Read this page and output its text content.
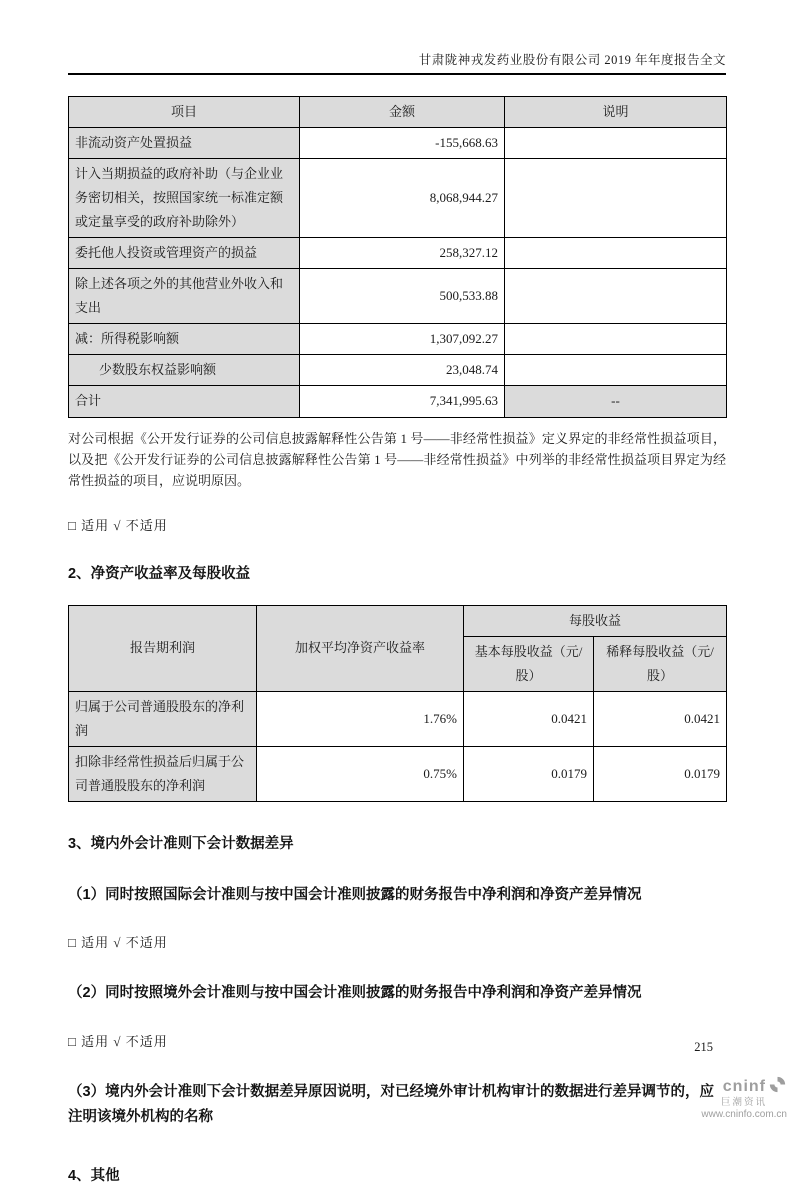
甘肃陇神戎发药业股份有限公司 2019 年年度报告全文
项目	金额	说明
非流动资产处置损益	-155,668.63	
计入当期损益的政府补助（与企业业务密切相关，按照国家统一标准定额或定量享受的政府补助除外）	8,068,944.27	
委托他人投资或管理资产的损益	258,327.12	
除上述各项之外的其他营业外收入和支出	500,533.88	
减：所得税影响额	1,307,092.27	
少数股东权益影响额	23,048.74	
合计	7,341,995.63	--

对公司根据《公开发行证券的公司信息披露解释性公告第 1 号——非经常性损益》定义界定的非经常性损益项目，以及把《公开发行证券的公司信息披露解释性公告第 1 号——非经常性损益》中列举的非经常性损益项目界定为经常性损益的项目，应说明原因。

□ 适用 √ 不适用

2、净资产收益率及每股收益
报告期利润	加权平均净资产收益率	每股收益	
		基本每股收益（元/股）	稀释每股收益（元/股）
归属于公司普通股股东的净利润	1.76%	0.0421	0.0421
扣除非经常性损益后归属于公司普通股股东的净利润	0.75%	0.0179	0.0179
3、境内外会计准则下会计数据差异
（1）同时按照国际会计准则与按中国会计准则披露的财务报告中净利润和净资产差异情况

□ 适用 √ 不适用

（2）同时按照境外会计准则与按中国会计准则披露的财务报告中净利润和净资产差异情况

□ 适用 √ 不适用

（3）境内外会计准则下会计数据差异原因说明，对已经境外审计机构审计的数据进行差异调节的，应注明该境外机构的名称
4、其他
215
cninf
巨潮资讯
www.cninfo.com.cn
